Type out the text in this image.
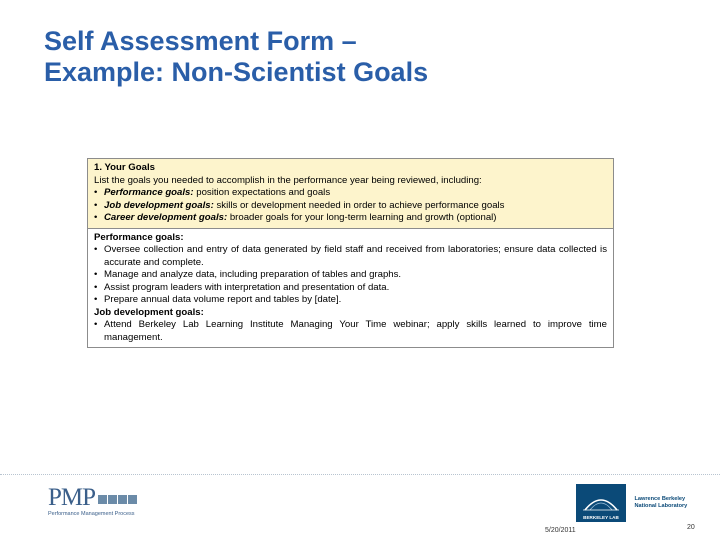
Self Assessment Form –
Example: Non-Scientist Goals
1. Your Goals
List the goals you needed to accomplish in the performance year being reviewed, including:
• Performance goals: position expectations and goals
• Job development goals: skills or development needed in order to achieve performance goals
• Career development goals: broader goals for your long-term learning and growth (optional)
Performance goals:
• Oversee collection and entry of data generated by field staff and received from laboratories; ensure data collected is accurate and complete.
• Manage and analyze data, including preparation of tables and graphs.
• Assist program leaders with interpretation and presentation of data.
• Prepare annual data volume report and tables by [date].
Job development goals:
• Attend Berkeley Lab Learning Institute Managing Your Time webinar; apply skills learned to improve time management.
PMP
Performance Management Process
BERKELEY LAB

Lawrence Berkeley
National Laboratory
5/20/2011	20
